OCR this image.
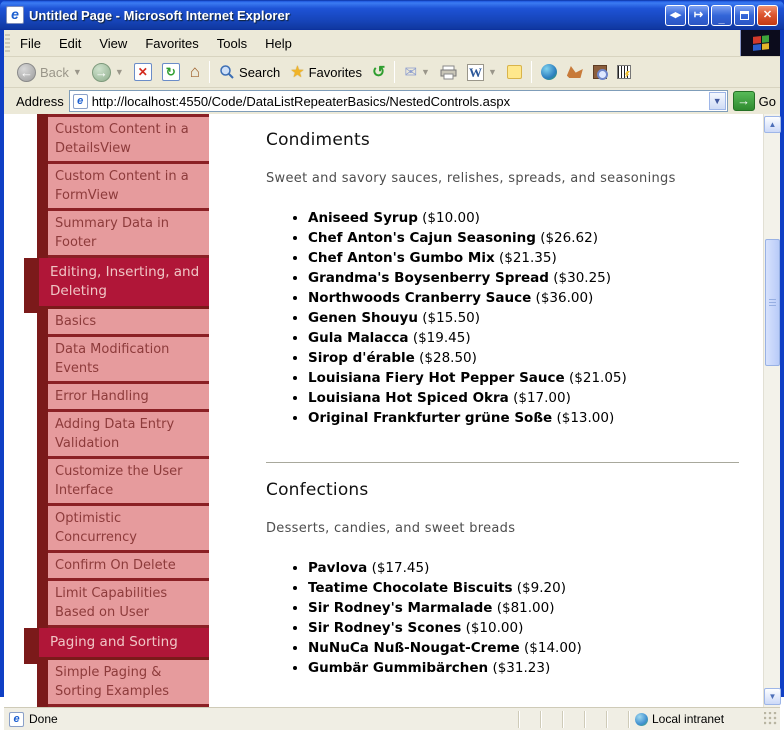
e Untitled Page - Microsoft Internet Explorer	◂▸	↦	_	✕
File	Edit	View	Favorites	Tools	Help
← Back ▼ → ▼	✕	↻ ⌂	Search ★ Favorites ↺ ✉ ▼	W ▼
Address	e http://localhost:4550/Code/DataListRepeaterBasics/NestedControls.aspx	▼	→ Go
Custom Content in a DetailsView
Custom Content in a FormView
Summary Data in Footer
Editing, Inserting, and Deleting
Basics
Data Modification Events
Error Handling
Adding Data Entry Validation
Customize the User Interface
Optimistic Concurrency
Confirm On Delete
Limit Capabilities Based on User
Paging and Sorting
Simple Paging & Sorting Examples
Condiments
Sweet and savory sauces, relishes, spreads, and seasonings
• Aniseed Syrup ($10.00)
• Chef Anton's Cajun Seasoning ($26.62)
• Chef Anton's Gumbo Mix ($21.35)
• Grandma's Boysenberry Spread ($30.25)
• Northwoods Cranberry Sauce ($36.00)
• Genen Shouyu ($15.50)
• Gula Malacca ($19.45)
• Sirop d'érable ($28.50)
• Louisiana Fiery Hot Pepper Sauce ($21.05)
• Louisiana Hot Spiced Okra ($17.00)
• Original Frankfurter grüne Soße ($13.00)
Confections
Desserts, candies, and sweet breads
• Pavlova ($17.45)
• Teatime Chocolate Biscuits ($9.20)
• Sir Rodney's Marmalade ($81.00)
• Sir Rodney's Scones ($10.00)
• NuNuCa Nuß-Nougat-Creme ($14.00)
• Gumbär Gummibärchen ($31.23)
▲
▼
e Done	Local intranet
